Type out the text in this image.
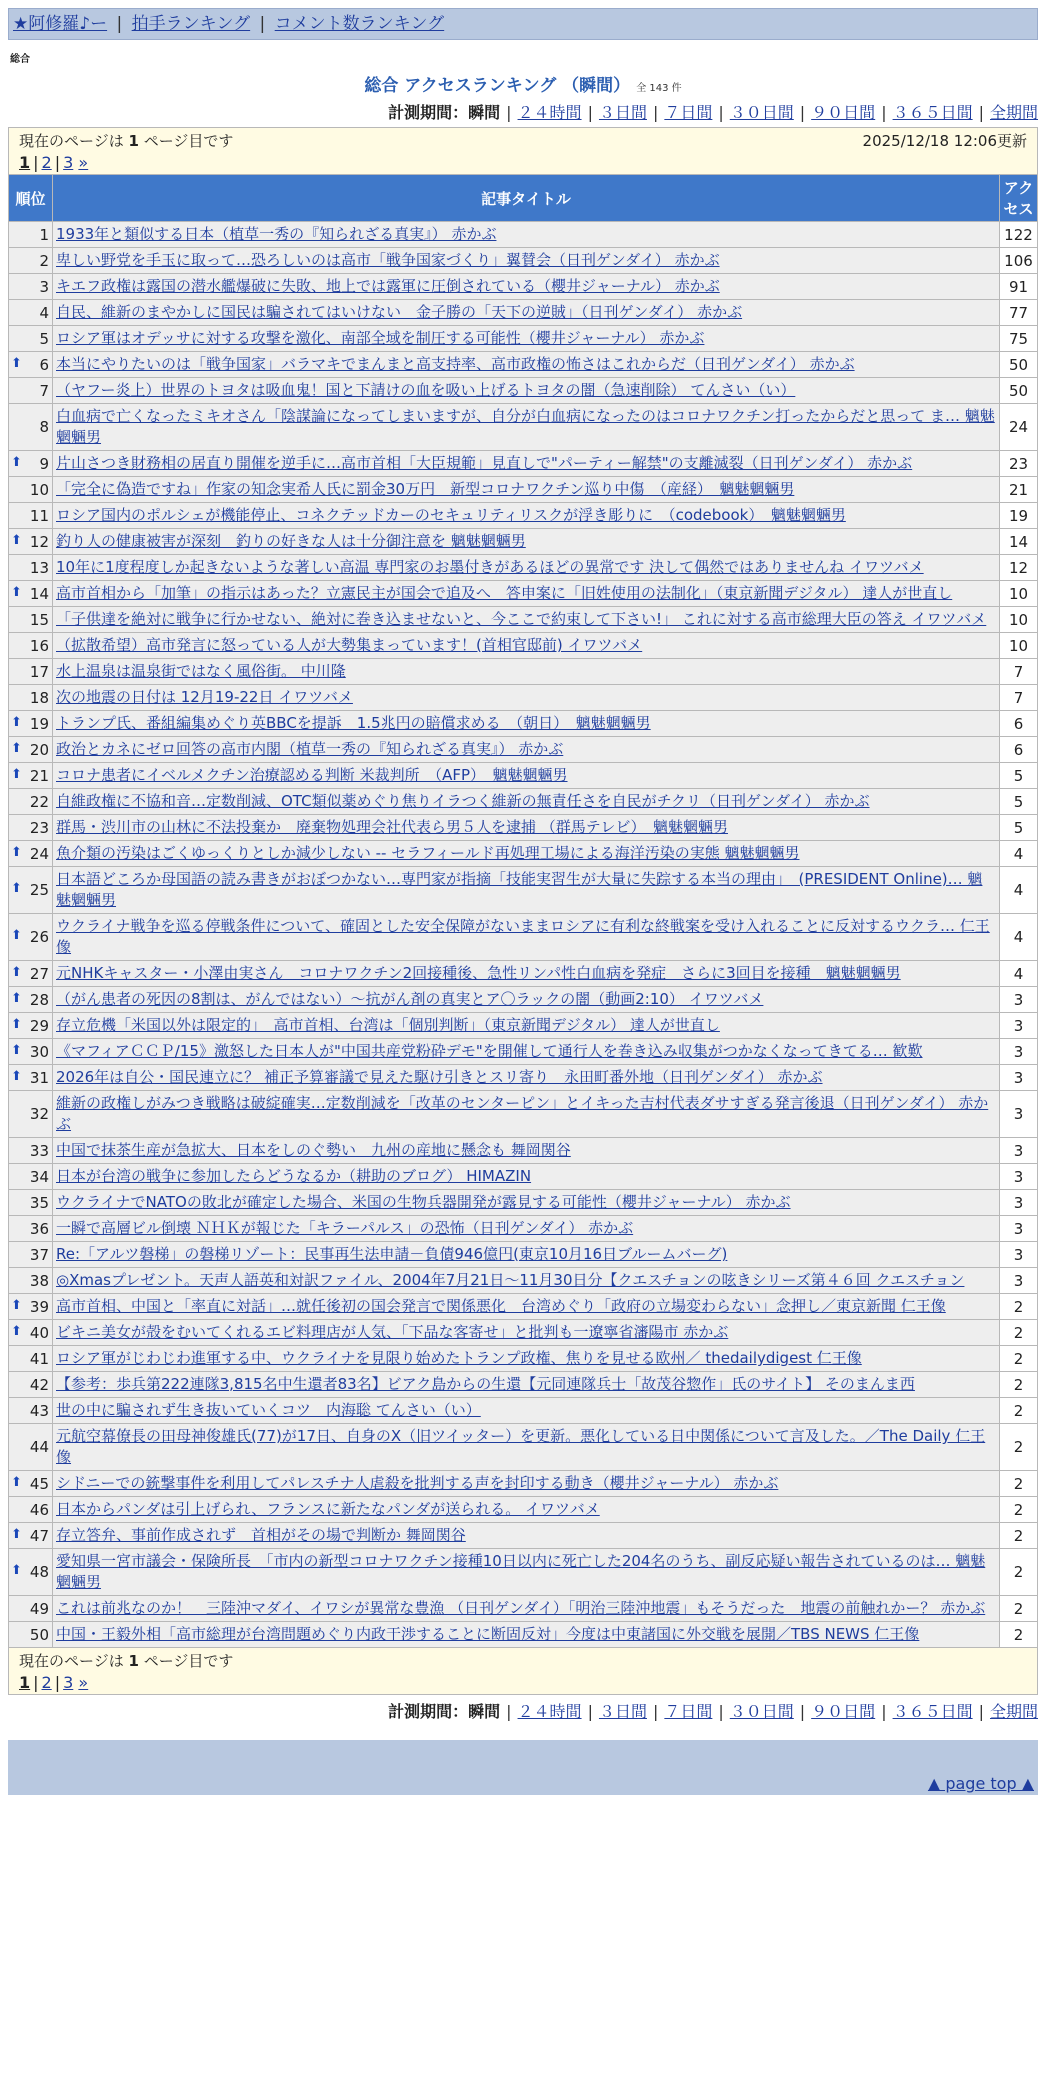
★阿修羅♪ー | 拍手ランキング | コメント数ランキング
総合
総合 アクセスランキング （瞬間） 全 143 件
計測期間：瞬間 | ２４時間 | ３日間 | ７日間 | ３０日間 | ９０日間 | ３６５日間 | 全期間
現在のページは 1 ページ目です 2025/12/18 12:06更新
1 | 2 | 3 »		

順位	記事タイトル	アクセス
1	1933年と類似する日本（植草一秀の『知られざる真実』） 赤かぶ	122
2	卑しい野党を手玉に取って…恐ろしいのは高市「戦争国家づくり」翼賛会（日刊ゲンダイ） 赤かぶ	106
3	キエフ政権は露国の潜水艦爆破に失敗、地上では露軍に圧倒されている（櫻井ジャーナル） 赤かぶ	91
4	自民、維新のまやかしに国民は騙されてはいけない　金子勝の「天下の逆賊」（日刊ゲンダイ） 赤かぶ	77
5	ロシア軍はオデッサに対する攻撃を激化、南部全域を制圧する可能性（櫻井ジャーナル） 赤かぶ	75

⬆ 6	本当にやりたいのは「戦争国家」バラマキでまんまと高支持率、高市政権の怖さはこれからだ（日刊ゲンダイ） 赤かぶ	50
7	（ヤフー炎上）世界のトヨタは吸血鬼！国と下請けの血を吸い上げるトヨタの闇（急速削除） てんさい（い）	50
8	白血病で亡くなったミキオさん「陰謀論になってしまいますが、自分が白血病になったのはコロナワクチン打ったからだと思って ま… 魑魅魍魎男	24

⬆ 9	片山さつき財務相の居直り開催を逆手に…高市首相「大臣規範」見直しで"パーティー解禁"の支離滅裂（日刊ゲンダイ） 赤かぶ	23
10	「完全に偽造ですね」作家の知念実希人氏に罰金30万円　新型コロナワクチン巡り中傷　（産経）　魑魅魍魎男	21
11	ロシア国内のポルシェが機能停止、コネクテッドカーのセキュリティリスクが浮き彫りに　（codebook）　魑魅魍魎男	19

⬆ 12	釣り人の健康被害が深刻　釣りの好きな人は十分御注意を 魑魅魍魎男	14
13	10年に1度程度しか起きないような著しい高温 専門家のお墨付きがあるほどの異常です 決して偶然ではありませんね イワツバメ	12

⬆ 14	高市首相から「加筆」の指示はあった？立憲民主が国会で追及へ　答申案に「旧姓使用の法制化」（東京新聞デジタル） 達人が世直し	10
15	「子供達を絶対に戦争に行かせない、絶対に巻き込ませないと、今ここで約束して下さい!」 これに対する高市総理大臣の答え イワツバメ	10
16	（拡散希望）高市発言に怒っている人が大勢集まっています！(首相官邸前) イワツバメ	10
17	水上温泉は温泉街ではなく風俗街。 中川隆	7
18	次の地震の日付は 12月19-22日 イワツバメ	7

⬆ 19	トランプ氏、番組編集めぐり英BBCを提訴　1.5兆円の賠償求める　（朝日）　魑魅魍魎男	6

⬆ 20	政治とカネにゼロ回答の高市内閣（植草一秀の『知られざる真実』） 赤かぶ	6

⬆ 21	コロナ患者にイベルメクチン治療認める判断 米裁判所　（AFP）　魑魅魍魎男	5
22	自維政権に不協和音…定数削減、OTC類似薬めぐり焦りイラつく維新の無責任さを自民がチクリ（日刊ゲンダイ） 赤かぶ	5
23	群馬・渋川市の山林に不法投棄か　廃棄物処理会社代表ら男５人を逮捕 （群馬テレビ）　魑魅魍魎男	5

⬆ 24	魚介類の汚染はごくゆっくりとしか減少しない -- セラフィールド再処理工場による海洋汚染の実態 魑魅魍魎男	4

⬆ 25	日本語どころか母国語の読み書きがおぼつかない…専門家が指摘「技能実習生が大量に失踪する本当の理由」　(PRESIDENT Online)… 魑魅魍魎男	4

⬆ 26	ウクライナ戦争を巡る停戦条件について、確固とした安全保障がないままロシアに有利な終戦案を受け入れることに反対するウクラ… 仁王像	4

⬆ 27	元NHKキャスター・小澤由実さん　コロナワクチン2回接種後、急性リンパ性白血病を発症　さらに3回目を接種　魑魅魍魎男	4

⬆ 28	（がん患者の死因の8割は、がんではない）～抗がん剤の真実とア〇ラックの闇（動画2:10） イワツバメ	3

⬆ 29	存立危機「米国以外は限定的」　高市首相、台湾は「個別判断」（東京新聞デジタル） 達人が世直し	3

⬆ 30	《マフィアＣＣＰ/15》激怒した日本人が"中国共産党粉砕デモ"を開催して通行人を巻き込み収集がつかなくなってきてる… 歓歎	3

⬆ 31	2026年は自公・国民連立に？ 補正予算審議で見えた駆け引きとスリ寄り　永田町番外地（日刊ゲンダイ） 赤かぶ	3
32	維新の政権しがみつき戦略は破綻確実…定数削減を「改革のセンターピン」とイキった吉村代表ダサすぎる発言後退（日刊ゲンダイ） 赤かぶ	3
33	中国で抹茶生産が急拡大、日本をしのぐ勢い　九州の産地に懸念も 舞岡関谷	3
34	日本が台湾の戦争に参加したらどうなるか（耕助のブログ） HIMAZIN	3
35	ウクライナでNATOの敗北が確定した場合、米国の生物兵器開発が露見する可能性（櫻井ジャーナル） 赤かぶ	3
36	一瞬で高層ビル倒壊 ＮＨＫが報じた「キラーパルス」の恐怖（日刊ゲンダイ） 赤かぶ	3
37	Re:「アルツ磐梯」の磐梯リゾート：民事再生法申請－負債946億円(東京10月16日ブルームバーグ)	3
38	◎Xmasプレゼント。天声人語英和対訳ファイル、2004年7月21日～11月30日分【クエスチョンの呟きシリーズ第４６回 クエスチョン	3

⬆ 39	高市首相、中国と「率直に対話」…就任後初の国会発言で関係悪化　台湾めぐり「政府の立場変わらない」念押し／東京新聞 仁王像	2

⬆ 40	ビキニ美女が殻をむいてくれるエビ料理店が人気、「下品な客寄せ」と批判も一遼寧省瀋陽市 赤かぶ	2
41	ロシア軍がじわじわ進軍する中、ウクライナを見限り始めたトランプ政権、焦りを見せる欧州／ thedailydigest 仁王像	2
42	【参考：歩兵第222連隊3,815名中生還者83名】ビアク島からの生還【元同連隊兵士「故茂谷惣作」氏のサイト】 そのまんま西	2
43	世の中に騙されず生き抜いていくコツ　内海聡 てんさい（い）	2
44	元航空幕僚長の田母神俊雄氏(77)が17日、自身のX（旧ツイッター）を更新。悪化している日中関係について言及した。／The Daily 仁王像	2

⬆ 45	シドニーでの銃撃事件を利用してパレスチナ人虐殺を批判する声を封印する動き（櫻井ジャーナル） 赤かぶ	2
46	日本からパンダは引上げられ、フランスに新たなパンダが送られる。 イワツバメ	2

⬆ 47	存立答弁、事前作成されず　首相がその場で判断か 舞岡関谷	2

⬆ 48	愛知県一宮市議会・保険所長　「市内の新型コロナワクチン接種10日以内に死亡した204名のうち、副反応疑い報告されているのは… 魑魅魍魎男	2
49	これは前兆なのか！　三陸沖マダイ、イワシが異常な豊漁 （日刊ゲンダイ）「明治三陸沖地震」もそうだった　地震の前触れかー？ 赤かぶ	2
50	中国・王毅外相「高市総理が台湾問題めぐり内政干渉することに断固反対」今度は中東諸国に外交戦を展開／TBS NEWS 仁王像	2
現在のページは 1 ページ目です
1 | 2 | 3 »		
計測期間：瞬間 | ２４時間 | ３日間 | ７日間 | ３０日間 | ９０日間 | ３６５日間 | 全期間
▲ page top ▲
